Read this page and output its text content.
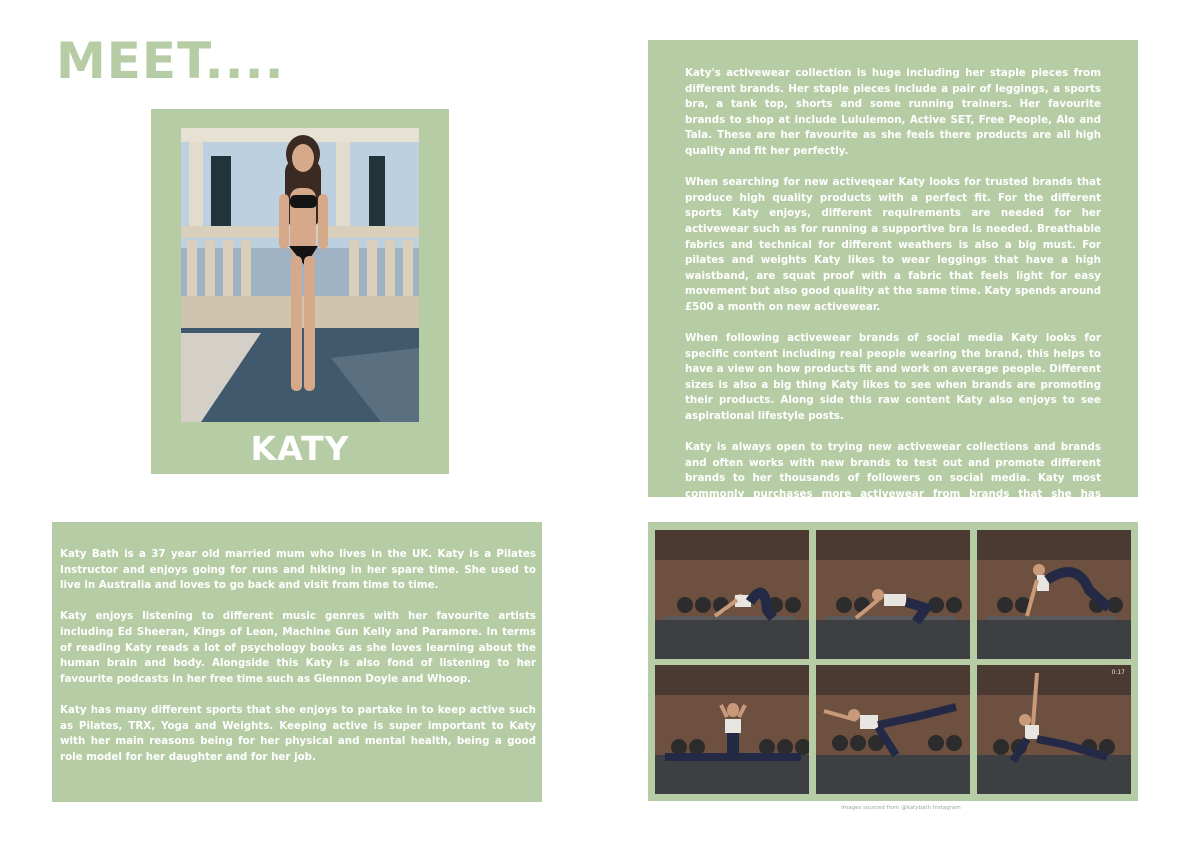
MEET....
KATY

Katy's activewear collection is huge including her staple pieces from different brands. Her staple pieces include a pair of leggings, a sports bra, a tank top, shorts and some running trainers. Her favourite brands to shop at include Lululemon, Active SET, Free People, Alo and Tala. These are her favourite as she feels there products are all high quality and fit her perfectly.

When searching for new activeqear Katy looks for trusted brands that produce high quality products with a perfect fit. For the different sports Katy enjoys, different requirements are needed for her activewear such as for running a supportive bra is needed. Breathable fabrics and technical for different weathers is also a big must. For pilates and weights Katy likes to wear leggings that have a high waistband, are squat proof with a fabric that feels light for easy movement but also good quality at the same time. Katy spends around £500 a month on new activewear.

When following activewear brands of social media Katy looks for specific content including real people wearing the brand, this helps to have a view on how products fit and work on average people. Different sizes is also a big thing Katy likes to see when brands are promoting their products. Along side this raw content Katy also enjoys to see aspirational lifestyle posts.

Katy is always open to trying new activewear collections and brands and often works with new brands to test out and promote different brands to her thousands of followers on social media. Katy most commonly purchases more activewear from brands that she has previously worked with on a gifted or sponsored basis.

Katy Bath is a 37 year old married mum who lives in the UK. Katy is a Pilates Instructor and enjoys going for runs and hiking in her spare time. She used to live in Australia and loves to go back and visit from time to time.

Katy enjoys listening to different music genres with her favourite artists including Ed Sheeran, Kings of Leon, Machine Gun Kelly and Paramore. In terms of reading Katy reads a lot of psychology books as she loves learning about the human brain and body. Alongside this Katy is also fond of listening to her favourite podcasts in her free time such as Glennon Doyle and Whoop.

Katy has many different sports that she enjoys to partake in to keep active such as Pilates, TRX, Yoga and Weights. Keeping active is super important to Katy with her main reasons being for her physical and mental health, being a good role model for her daughter and for her job.

0:17
Images sourced from @katybath Instagram
